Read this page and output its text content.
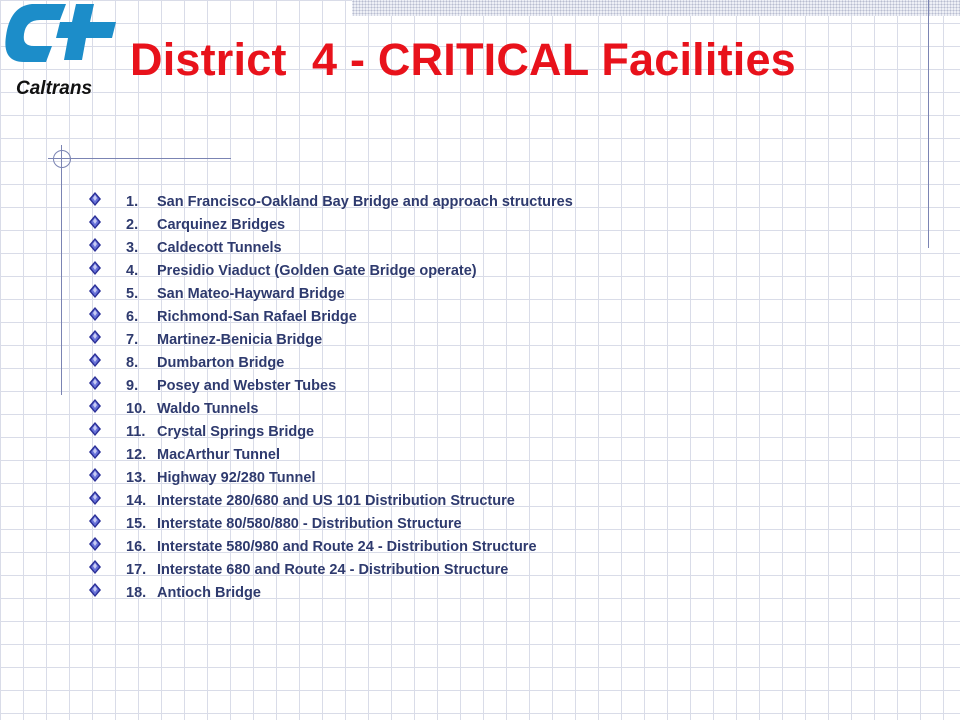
Caltrans
District  4 - CRITICAL Facilities
1.	San Francisco-Oakland Bay Bridge and approach structures
2.	Carquinez Bridges
3.	Caldecott Tunnels
4.	Presidio Viaduct (Golden Gate Bridge operate)
5.	San Mateo-Hayward Bridge
6.	Richmond-San Rafael Bridge
7.	Martinez-Benicia Bridge
8.	Dumbarton Bridge
9.	Posey and Webster Tubes
10. Waldo Tunnels
11. Crystal Springs Bridge
12. MacArthur Tunnel
13. Highway 92/280 Tunnel
14. Interstate 280/680 and US 101 Distribution Structure
15. Interstate 80/580/880 - Distribution Structure
16. Interstate 580/980 and Route 24 - Distribution Structure
17. Interstate 680 and Route 24 - Distribution Structure
18. Antioch Bridge
